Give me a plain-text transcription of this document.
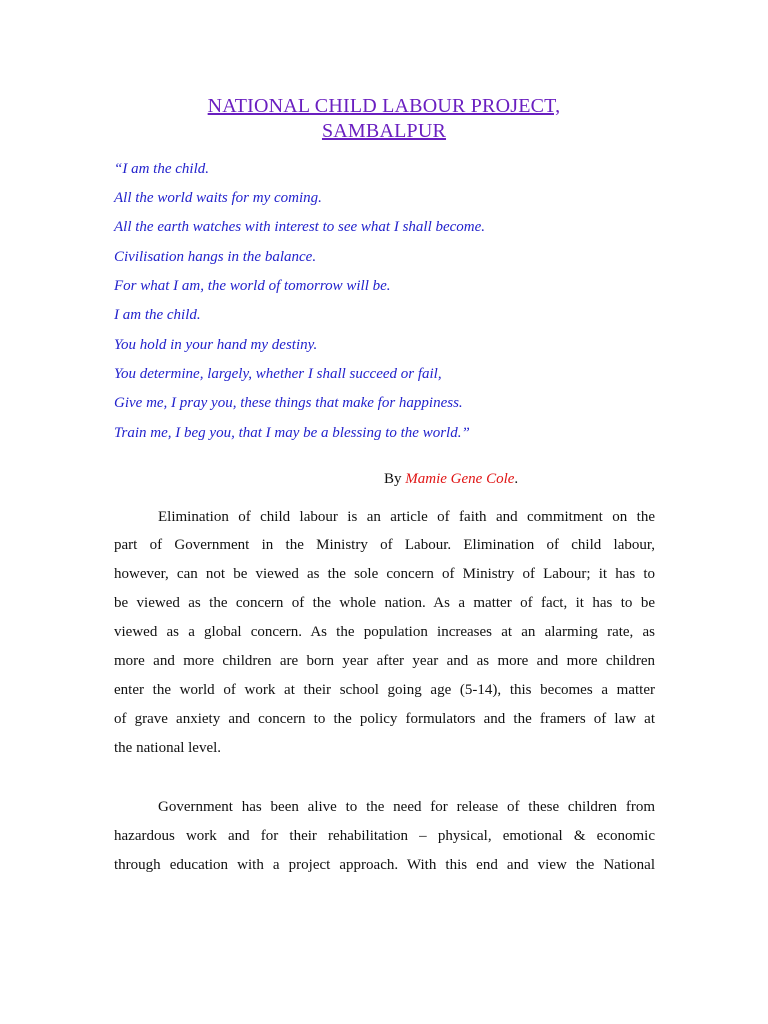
NATIONAL CHILD LABOUR PROJECT,
SAMBALPUR
“I am the child.
All the world waits for my coming.
All the earth watches with interest to see what I shall become.
Civilisation hangs in the balance.
For what I am, the world of tomorrow will be.
I am the child.
You hold in your hand my destiny.
You determine, largely, whether I shall succeed or fail,
Give me, I pray you, these things that make for happiness.
Train me, I beg you, that I may be a blessing to the world.”
By Mamie Gene Cole.
Elimination of child labour is an article of faith and commitment on the
part of Government in the Ministry of Labour. Elimination of child labour,
however, can not be viewed as the sole concern of Ministry of Labour; it has to
be viewed as the concern of the whole nation. As a matter of fact, it has to be
viewed as a global concern. As the population increases at an alarming rate, as
more and more children are born year after year and as more and more children
enter the world of work at their school going age (5-14), this becomes a matter
of grave anxiety and concern to the policy formulators and the framers of law at
the national level.
Government has been alive to the need for release of these children from
hazardous work and for their rehabilitation – physical, emotional & economic
through education with a project approach. With this end and view the National
